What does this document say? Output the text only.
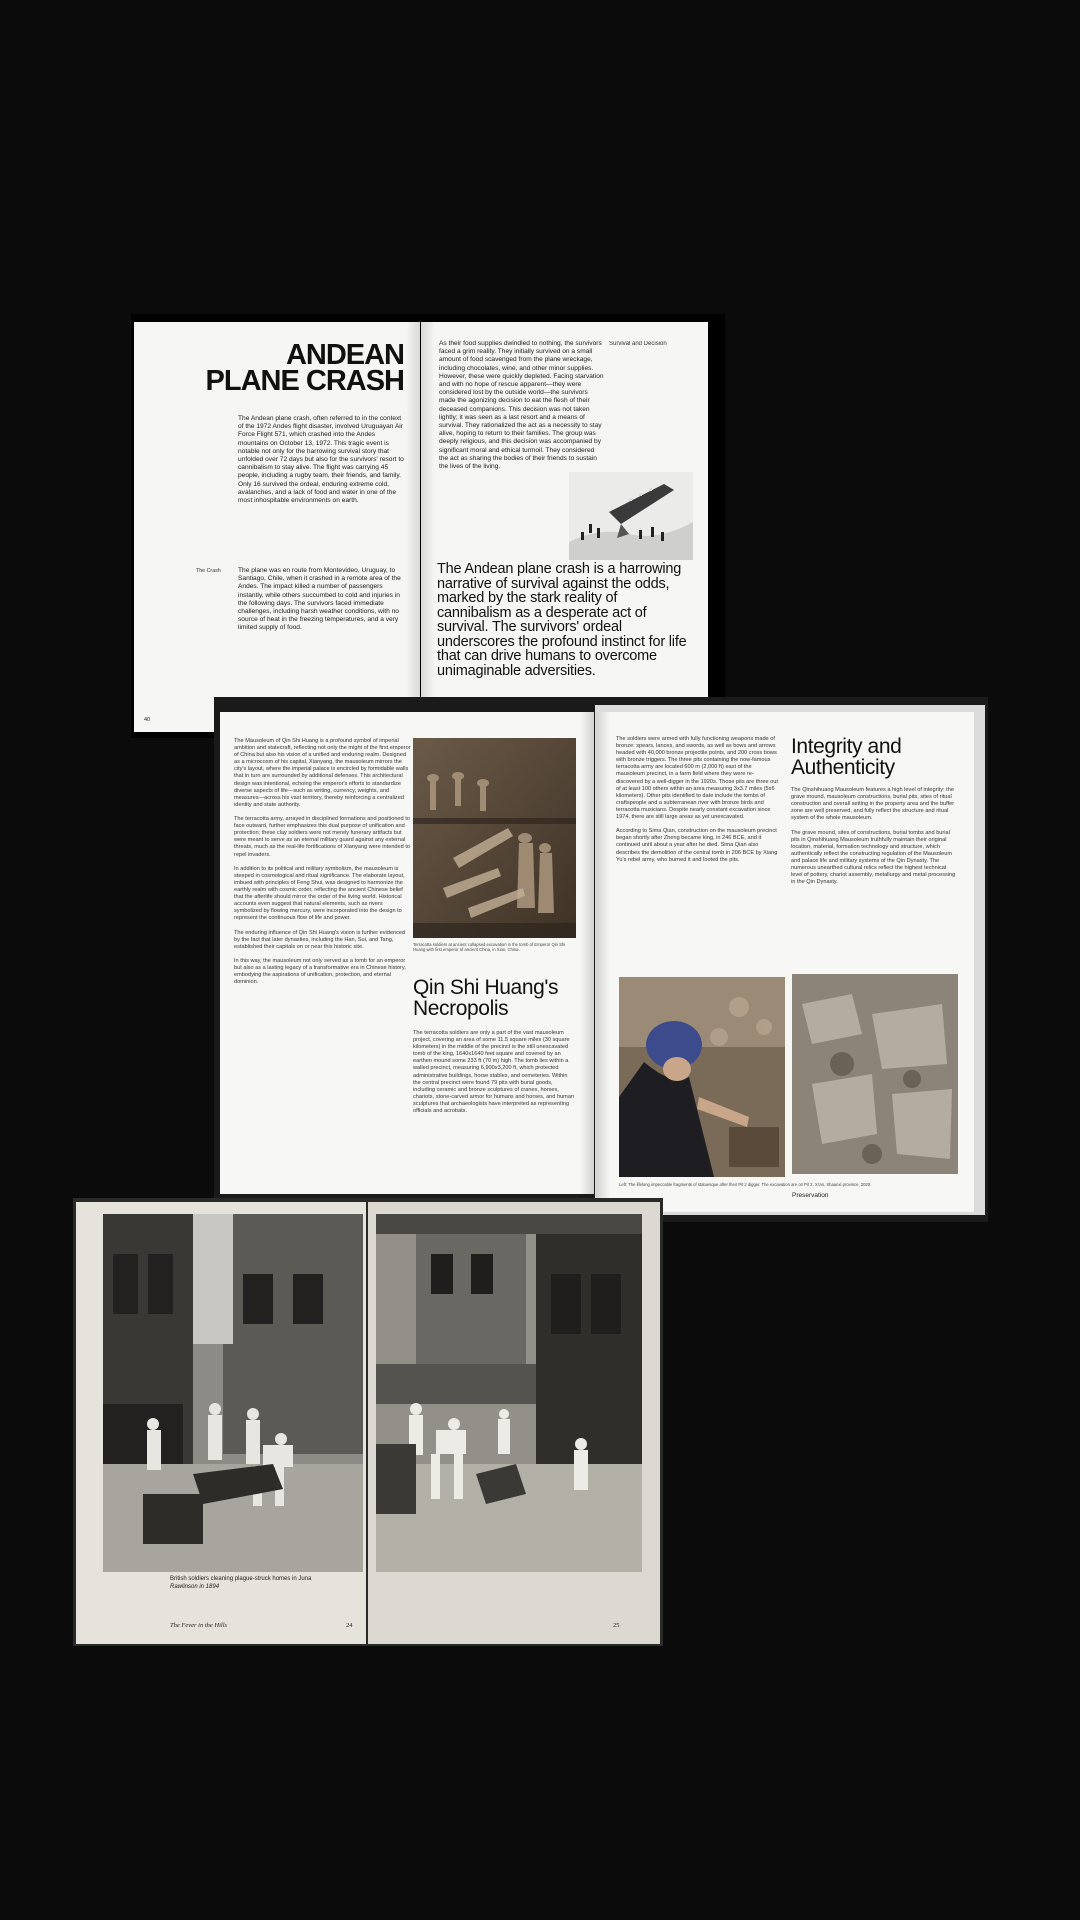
ANDEAN
PLANE CRASH
The Andean plane crash, often referred to in the context of the 1972 Andes flight disaster, involved Uruguayan Air Force Flight 571, which crashed into the Andes mountains on October 13, 1972. This tragic event is notable not only for the harrowing survival story that unfolded over 72 days but also for the survivors' resort to cannibalism to stay alive. The flight was carrying 45 people, including a rugby team, their friends, and family. Only 16 survived the ordeal, enduring extreme cold, avalanches, and a lack of food and water in one of the most inhospitable environments on earth.
The Crash	The plane was en route from Montevideo, Uruguay, to Santiago, Chile, when it crashed in a remote area of the Andes. The impact killed a number of passengers instantly, while others succumbed to cold and injuries in the following days. The survivors faced immediate challenges, including harsh weather conditions, with no source of heat in the freezing temperatures, and a very limited supply of food.
40
As their food supplies dwindled to nothing, the survivors faced a grim reality. They initially survived on a small amount of food scavenged from the plane wreckage, including chocolates, wine, and other minor supplies. However, these were quickly depleted. Facing starvation and with no hope of rescue apparent—they were considered lost by the outside world—the survivors made the agonizing decision to eat the flesh of their deceased companions. This decision was not taken lightly; it was seen as a last resort and a means of survival. They rationalized the act as a necessity to stay alive, hoping to return to their families. The group was deeply religious, and this decision was accompanied by significant moral and ethical turmoil. They considered the act as sharing the bodies of their friends to sustain the lives of the living.
Survival and Decision
The Andean plane crash is a harrowing narrative of survival against the odds, marked by the stark reality of cannibalism as a desperate act of survival. The survivors' ordeal underscores the profound instinct for life that can drive humans to overcome unimaginable adversities.
The Mausoleum of Qin Shi Huang is a profound symbol of imperial ambition and statecraft, reflecting not only the might of the first emperor of China but also his vision of a unified and enduring realm. Designed as a microcosm of his capital, Xianyang, the mausoleum mirrors the city's layout, where the imperial palace is encircled by formidable walls that in turn are surrounded by additional defenses. This architectural design was intentional, echoing the emperor's efforts to standardize diverse aspects of life—such as writing, currency, weights, and measures—across his vast territory, thereby reinforcing a centralized identity and state authority.

The terracotta army, arrayed in disciplined formations and positioned to face outward, further emphasizes this dual purpose of unification and protection; these clay soldiers were not merely funerary artifacts but were meant to serve as an eternal military guard against any external threats, much as the real-life fortifications of Xianyang were intended to repel invaders.

In addition to its political and military symbolism, the mausoleum is steeped in cosmological and ritual significance. The elaborate layout, imbued with principles of Feng Shui, was designed to harmonize the earthly realm with cosmic order, reflecting the ancient Chinese belief that the afterlife should mirror the order of the living world. Historical accounts even suggest that natural elements, such as rivers symbolized by flowing mercury, were incorporated into the design to represent the continuous flow of life and power.

The enduring influence of Qin Shi Huang's vision is further evidenced by the fact that later dynasties, including the Han, Sui, and Tang, established their capitals on or near this historic site.

In this way, the mausoleum not only served as a tomb for an emperor but also as a lasting legacy of a transformative era in Chinese history, embodying the aspirations of unification, protection, and eternal dominion.
Terracotta soldiers at ancient collapsed excavation in the tomb of Emperor Qin Shi Huang with first emperor of ancient China, in Xian, China.
Qin Shi Huang's
Necropolis
The terracotta soldiers are only a part of the vast mausoleum project, covering an area of some 11.5 square miles (30 square kilometers) in the middle of the precinct is the still unexcavated tomb of the king, 1640x1640 feet square and covered by an earthen mound some 233 ft (70 m) high. The tomb lies within a walled precinct, measuring 6,900x3,200 ft, which protected administrative buildings, horse stables, and cemeteries. Within the central precinct were found 79 pits with burial goods, including ceramic and bronze sculptures of cranes, horses, chariots, stone-carved armor for humans and horses, and human sculptures that archaeologists have interpreted as representing officials and acrobats.
The soldiers were armed with fully functioning weapons made of bronze: spears, lances, and swords, as well as bows and arrows headed with 40,000 bronze projectile points, and 200 cross bows with bronze triggers. The three pits containing the now-famous terracotta army are located 600 m (2,000 ft) east of the mausoleum precinct, in a farm field where they were re-discovered by a well-digger in the 1920s. Those pits are three out of at least 100 others within an area measuring 3x3.7 miles (5x6 kilometers). Other pits identified to date include the tombs of craftspeople and a subterranean river with bronze birds and terracotta musicians. Despite nearly constant excavation since 1974, there are still large areas as yet unexcavated.

According to Sima Qian, construction on the mausoleum precinct began shortly after Zheng became king, in 246 BCE, and it continued until about a year after he died. Sima Qian also describes the demolition of the central tomb in 206 BCE by Xiang Yu's rebel army, who burned it and looted the pits.
Integrity and
Authenticity
The Qinshihuang Mausoleum features a high level of integrity: the grave mound, mausoleum constructions, burial pits, sites of ritual construction and overall setting in the property area and the buffer zone are well preserved, and fully reflect the structure and ritual system of the whole mausoleum.

The grave mound, sites of constructions, burial tombs and burial pits in Qinshihuang Mausoleum truthfully maintain their original location, material, formation technology and structure, which authentically reflect the constructing regulation of the Mausoleum and palace life and military systems of the Qin Dynasty. The numerous unearthed cultural relics reflect the highest technical level of pottery, chariot assembly, metallurgy and metal processing in the Qin Dynasty.
Left: The lifelong impeccable fragments of statuesque after their Pit 2 digger. The excavation are on Pit 2, Xi'an, Shaanxi province, 2020.
Preservation
British soldiers cleaning plague-struck homes in Juna
Rawlinson in 1894
The Fever in the Hills	24	25
